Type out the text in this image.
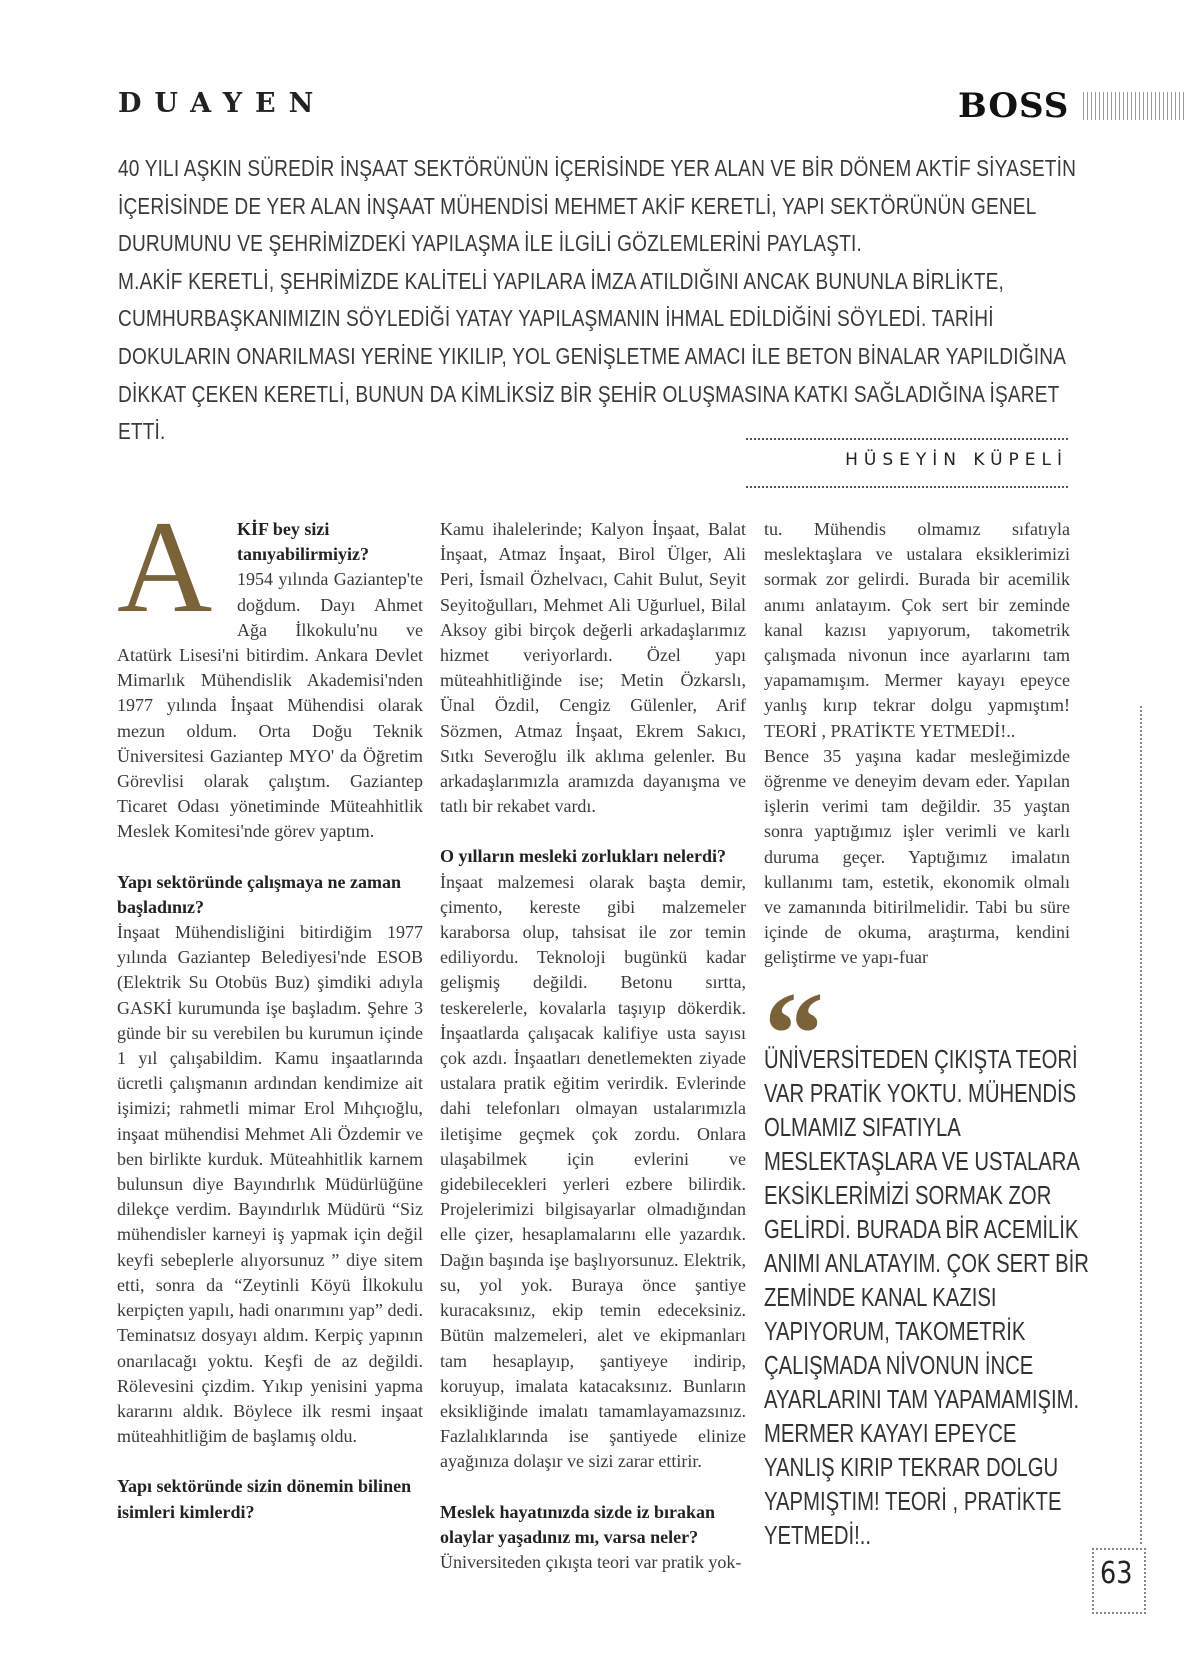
DUAYEN	BOSS

40 YILI AŞKIN SÜREDİR İNŞAAT SEKTÖRÜNÜN İÇERİSİNDE YER ALAN VE BİR DÖNEM AKTİF SİYASETİN İÇERİSİNDE DE YER ALAN İNŞAAT MÜHENDİSİ MEHMET AKİF KERETLİ, YAPI SEKTÖRÜNÜN GENEL DURUMUNU VE ŞEHRİMİZDEKİ YAPILAŞMA İLE İLGİLİ GÖZLEMLERİNİ PAYLAŞTI.

M.AKİF KERETLİ, ŞEHRİMİZDE KALİTELİ YAPILARA İMZA ATILDIĞINI ANCAK BUNUNLA BİRLİKTE, CUMHURBAŞKANIMIZIN SÖYLEDİĞİ YATAY YAPILAŞMANIN İHMAL EDİLDİĞİNİ SÖYLEDİ. TARİHİ DOKULARIN ONARILMASI YERİNE YIKILIP, YOL GENİŞLETME AMACI İLE BETON BİNALAR YAPILDIĞINA DİKKAT ÇEKEN KERETLİ, BUNUN DA KİMLİKSİZ BİR ŞEHİR OLUŞMASINA KATKI SAĞLADIĞINA İŞARET ETTİ.

HÜSEYİN KÜPELİ
A	KİF bey sizi tanıyabilirmiyiz?

1954 yılında Gaziantep'te doğdum. Dayı Ahmet Ağa İlkokulu'nu ve Atatürk Lisesi'ni bitirdim. Ankara Devlet Mimarlık Mühendislik Akademisi'nden 1977 yılında İnşaat Mühendisi olarak mezun oldum. Orta Doğu Teknik Üniversitesi Gaziantep MYO' da Öğretim Görevlisi olarak çalıştım. Gaziantep Ticaret Odası yönetiminde Müteahhitlik Meslek Komitesi'nde görev yaptım.

Yapı sektöründe çalışmaya ne zaman başladınız?

İnşaat Mühendisliğini bitirdiğim 1977 yılında Gaziantep Belediyesi'nde ESOB (Elektrik Su Otobüs Buz) şimdiki adıyla GASKİ kurumunda işe başladım. Şehre 3 günde bir su verebilen bu kurumun içinde 1 yıl çalışabildim. Kamu inşaatlarında ücretli çalışmanın ardından kendimize ait işimizi; rahmetli mimar Erol Mıhçıoğlu, inşaat mühendisi Mehmet Ali Özdemir ve ben birlikte kurduk. Müteahhitlik karnem bulunsun diye Bayındırlık Müdürlüğüne dilekçe verdim. Bayındırlık Müdürü “Siz mühendisler karneyi iş yapmak için değil keyfi sebeplerle alıyorsunuz ” diye sitem etti, sonra da “Zeytinli Köyü İlkokulu kerpiçten yapılı, hadi onarımını yap” dedi. Teminatsız dosyayı aldım. Kerpiç yapının onarılacağı yoktu. Keşfi de az değildi. Rölevesini çizdim. Yıkıp yenisini yapma kararını aldık. Böylece ilk resmi inşaat müteahhitliğim de başlamış oldu.

Yapı sektöründe sizin dönemin bilinen isimleri kimlerdi?

Kamu ihalelerinde; Kalyon İnşaat, Balat İnşaat, Atmaz İnşaat, Birol Ülger, Ali Peri, İsmail Özhelvacı, Cahit Bulut, Seyit Seyitoğulları, Mehmet Ali Uğurluel, Bilal Aksoy gibi birçok değerli arkadaşlarımız hizmet veriyorlardı. Özel yapı müteahhitliğinde ise; Metin Özkarslı, Ünal Özdil, Cengiz Gülenler, Arif Sözmen, Atmaz İnşaat, Ekrem Sakıcı, Sıtkı Severoğlu ilk aklıma gelenler. Bu arkadaşlarımızla aramızda dayanışma ve tatlı bir rekabet vardı.

O yılların mesleki zorlukları nelerdi?

İnşaat malzemesi olarak başta demir, çimento, kereste gibi malzemeler karaborsa olup, tahsisat ile zor temin ediliyordu. Teknoloji bugünkü kadar gelişmiş değildi. Betonu sırtta, teskerelerle, kovalarla taşıyıp dökerdik. İnşaatlarda çalışacak kalifiye usta sayısı çok azdı. İnşaatları denetlemekten ziyade ustalara pratik eğitim verirdik. Evlerinde dahi telefonları olmayan ustalarımızla iletişime geçmek çok zordu. Onlara ulaşabilmek için evlerini ve gidebilecekleri yerleri ezbere bilirdik. Projelerimizi bilgisayarlar olmadığından elle çizer, hesaplamalarını elle yazardık. Dağın başında işe başlıyorsunuz. Elektrik, su, yol yok. Buraya önce şantiye kuracaksınız, ekip temin edeceksiniz. Bütün malzemeleri, alet ve ekipmanları tam hesaplayıp, şantiyeye indirip, koruyup, imalata katacaksınız. Bunların eksikliğinde imalatı tamamlayamazsınız. Fazlalıklarında ise şantiyede elinize ayağınıza dolaşır ve sizi zarar ettirir.

Meslek hayatınızda sizde iz bırakan olaylar yaşadınız mı, varsa neler?

Üniversiteden çıkışta teori var pratik yok-

tu. Mühendis olmamız sıfatıyla meslektaşlara ve ustalara eksiklerimizi sormak zor gelirdi. Burada bir acemilik anımı anlatayım. Çok sert bir zeminde kanal kazısı yapıyorum, takometrik çalışmada nivonun ince ayarlarını tam yapamamışım. Mermer kayayı epeyce yanlış kırıp tekrar dolgu yapmıştım! TEORİ , PRATİKTE YETMEDİ!..

Bence 35 yaşına kadar mesleğimizde öğrenme ve deneyim devam eder. Yapılan işlerin verimi tam değildir. 35 yaştan sonra yaptığımız işler verimli ve karlı duruma geçer. Yaptığımız imalatın kullanımı tam, estetik, ekonomik olmalı ve zamanında bitirilmelidir. Tabi bu süre içinde de okuma, araştırma, kendini geliştirme ve yapı-fuar

“

ÜNİVERSİTEDEN ÇIKIŞTA TEORİ VAR PRATİK YOKTU. MÜHENDİS OLMAMIZ SIFATIYLA MESLEKTAŞLARA VE USTALARA EKSİKLERİMİZİ SORMAK ZOR GELİRDİ. BURADA BİR ACEMİLİK ANIMI ANLATAYIM. ÇOK SERT BİR ZEMİNDE KANAL KAZISI YAPIYORUM, TAKOMETRİK ÇALIŞMADA NİVONUN İNCE AYARLARINI TAM YAPAMAMIŞIM. MERMER KAYAYI EPEYCE YANLIŞ KIRIP TEKRAR DOLGU YAPMIŞTIM! TEORİ , PRATİKTE YETMEDİ!..

63
